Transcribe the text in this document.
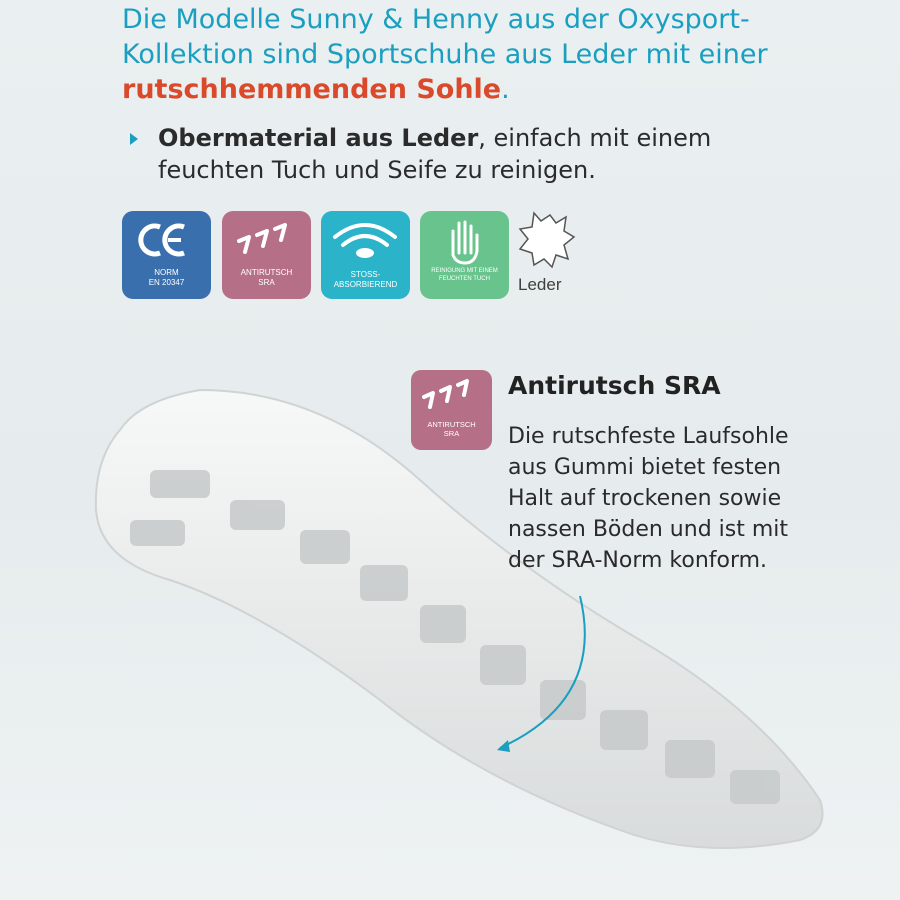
Die Modelle Sunny & Henny aus der Oxysport-Kollektion sind Sportschuhe aus Leder mit einer rutschhemmenden Sohle.

Obermaterial aus Leder, einfach mit einem feuchten Tuch und Seife zu reinigen.
NORM
EN 20347
ANTIRUTSCH
SRA
STOSS-
ABSORBIEREND
REINIGUNG MIT EINEM
FEUCHTEN TUCH	Leder
ANTIRUTSCH
SRA
Antirutsch SRA
Die rutschfeste Laufsohle aus Gummi bietet festen Halt auf trockenen sowie nassen Böden und ist mit der SRA-Norm konform.
